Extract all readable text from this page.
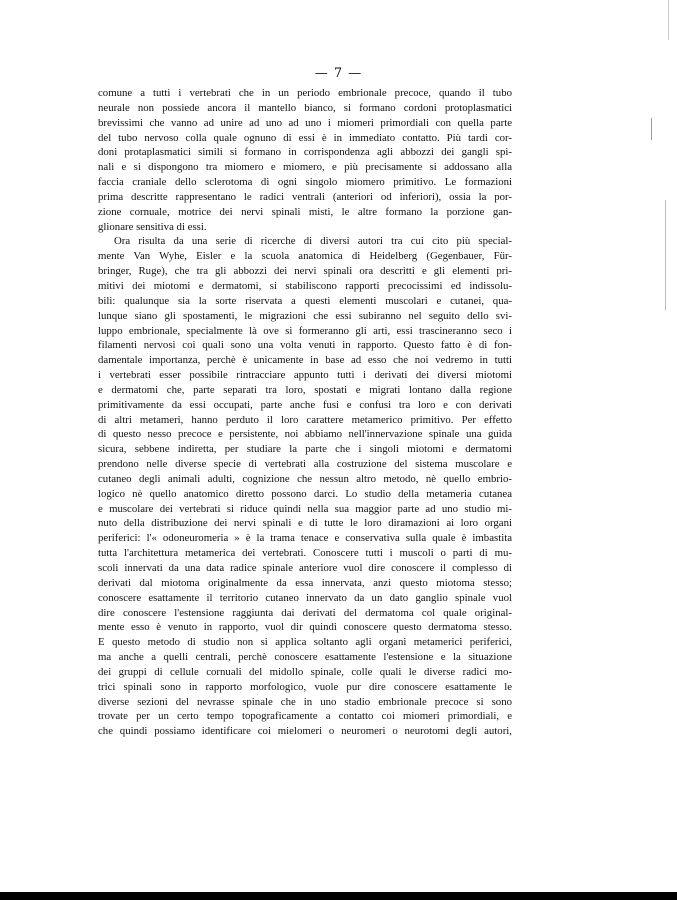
— 7 —
comune a tutti i vertebrati che in un periodo embrionale precoce, quando il tubo
neurale non possiede ancora il mantello bianco, si formano cordoni protoplasmatici
brevissimi che vanno ad unire ad uno ad uno i miomeri primordiali con quella parte
del tubo nervoso colla quale ognuno di essi è in immediato contatto. Più tardi cor-
doni protaplasmatici simili si formano in corrispondenza agli abbozzi dei gangli spi-
nali e si dispongono tra miomero e miomero, e più precisamente si addossano alla
faccia craniale dello sclerotoma di ogni singolo miomero primitivo. Le formazioni
prima descritte rappresentano le radici ventrali (anteriori od inferiori), ossia la por-
zione cornuale, motrice dei nervi spinali misti, le altre formano la porzione gan-
glionare sensitiva di essi.
Ora risulta da una serie di ricerche di diversi autori tra cui cito più special-
mente Van Wyhe, Eisler e la scuola anatomica di Heidelberg (Gegenbauer, Für-
bringer, Ruge), che tra gli abbozzi dei nervi spinali ora descritti e gli elementi pri-
mitivi dei miotomi e dermatomi, si stabiliscono rapporti precocissimi ed indissolu-
bili: qualunque sia la sorte riservata a questi elementi muscolari e cutanei, qua-
lunque siano gli spostamenti, le migrazioni che essi subiranno nel seguito dello svi-
luppo embrionale, specialmente là ove si formeranno gli arti, essi trascineranno seco i
filamenti nervosi coi quali sono una volta venuti in rapporto. Questo fatto è di fon-
damentale importanza, perchè è unicamente in base ad esso che noi vedremo in tutti
i vertebrati esser possibile rintracciare appunto tutti i derivati dei diversi miotomi
e dermatomi che, parte separati tra loro, spostati e migrati lontano dalla regione
primitivamente da essi occupati, parte anche fusi e confusi tra loro e con derivati
di altri metameri, hanno perduto il loro carattere metamerico primitivo. Per effetto
di questo nesso precoce e persistente, noi abbiamo nell'innervazione spinale una guida
sicura, sebbene indiretta, per studiare la parte che i singoli miotomi e dermatomi
prendono nelle diverse specie di vertebrati alla costruzione del sistema muscolare e
cutaneo degli animali adulti, cognizione che nessun altro metodo, nè quello embrio-
logico nè quello anatomico diretto possono darci. Lo studio della metameria cutanea
e muscolare dei vertebrati si riduce quindi nella sua maggior parte ad uno studio mi-
nuto della distribuzione dei nervi spinali e di tutte le loro diramazioni ai loro organi
periferici: l'« odoneuromeria » è la trama tenace e conservativa sulla quale è imbastita
tutta l'architettura metamerica dei vertebrati. Conoscere tutti i muscoli o parti di mu-
scoli innervati da una data radice spinale anteriore vuol dire conoscere il complesso di
derivati dal miotoma originalmente da essa innervata, anzi questo miotoma stesso;
conoscere esattamente il territorio cutaneo innervato da un dato ganglio spinale vuol
dire conoscere l'estensione raggiunta dai derivati del dermatoma col quale original-
mente esso è venuto in rapporto, vuol dir quindi conoscere questo dermatoma stesso.
E questo metodo di studio non si applica soltanto agli organi metamerici periferici,
ma anche a quelli centrali, perchè conoscere esattamente l'estensione e la situazione
dei gruppi di cellule cornuali del midollo spinale, colle quali le diverse radici mo-
trici spinali sono in rapporto morfologico, vuole pur dire conoscere esattamente le
diverse sezioni del nevrasse spinale che in uno stadio embrionale precoce si sono
trovate per un certo tempo topograficamente a contatto coi miomeri primordiali, e
che quindi possiamo identificare coi mielomeri o neuromeri o neurotomi degli autori,
